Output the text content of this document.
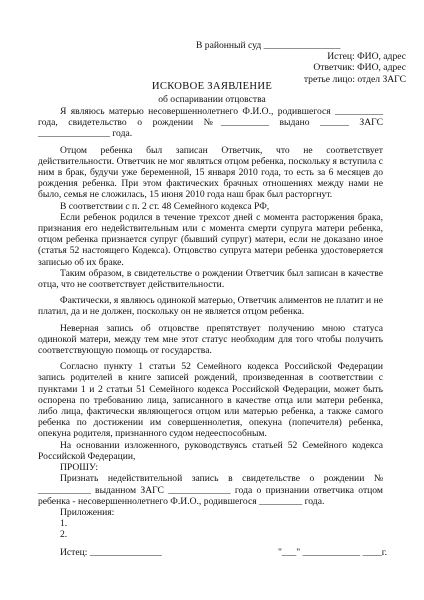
В районный суд ________________
Истец: ФИО, адрес
Ответчик: ФИО, адрес
третье лицо: отдел ЗАГС
ИСКОВОЕ ЗАЯВЛЕНИЕ
об оспаривании отцовства

Я являюсь матерью несовершеннолетнего Ф.И.О., родившегося __________ года, свидетельство о рождении №__________ выдано ______ ЗАГС _______________ года.

Отцом ребенка был записан Ответчик, что не соответствует действительности. Ответчик не мог являться отцом ребенка, поскольку я вступила с ним в брак, будучи уже беременной, 15 января 2010 года, то есть за 6 месяцев до рождения ребенка. При этом фактических брачных отношениях между нами не было, семья не сложилась, 15 июня 2010 года наш брак был расторгнут.

В соответствии с п. 2 ст. 48 Семейного кодекса РФ,

Если ребенок родился в течение трехсот дней с момента расторжения брака, признания его недействительным или с момента смерти супруга матери ребенка, отцом ребенка признается супруг (бывший супруг) матери, если не доказано иное (статья 52 настоящего Кодекса). Отцовство супруга матери ребенка удостоверяется записью об их браке.

Таким образом, в свидетельстве о рождении Ответчик был записан в качестве отца, что не соответствует действительности.

Фактически, я являюсь одинокой матерью, Ответчик алиментов не платит и не платил, да и не должен, поскольку он не является отцом ребенка.

Неверная запись об отцовстве препятствует получению мною статуса одинокой матери, между тем мне этот статус необходим для того чтобы получить соответствующую помощь от государства.

Согласно пункту 1 статьи 52 Семейного кодекса Российской Федерации запись родителей в книге записей рождений, произведенная в соответствии с пунктами 1 и 2 статьи 51 Семейного кодекса Российской Федерации, может быть оспорена по требованию лица, записанного в качестве отца или матери ребенка, либо лица, фактически являющегося отцом или матерью ребенка, а также самого ребенка по достижении им совершеннолетия, опекуна (попечителя) ребенка, опекуна родителя, признанного судом недееспособным.

На основании изложенного, руководствуясь статьей 52 Семейного кодекса Российской Федерации,

ПРОШУ:

Признать недействительной запись в свидетельстве о рождении № ___________ выданном ЗАГС _____________ года о признании ответчика отцом ребенка - несовершеннолетнего Ф.И.О., родившегося _________ года.

Приложения:

1.

2.

Истец: _______________	"___" ____________ ____г.
